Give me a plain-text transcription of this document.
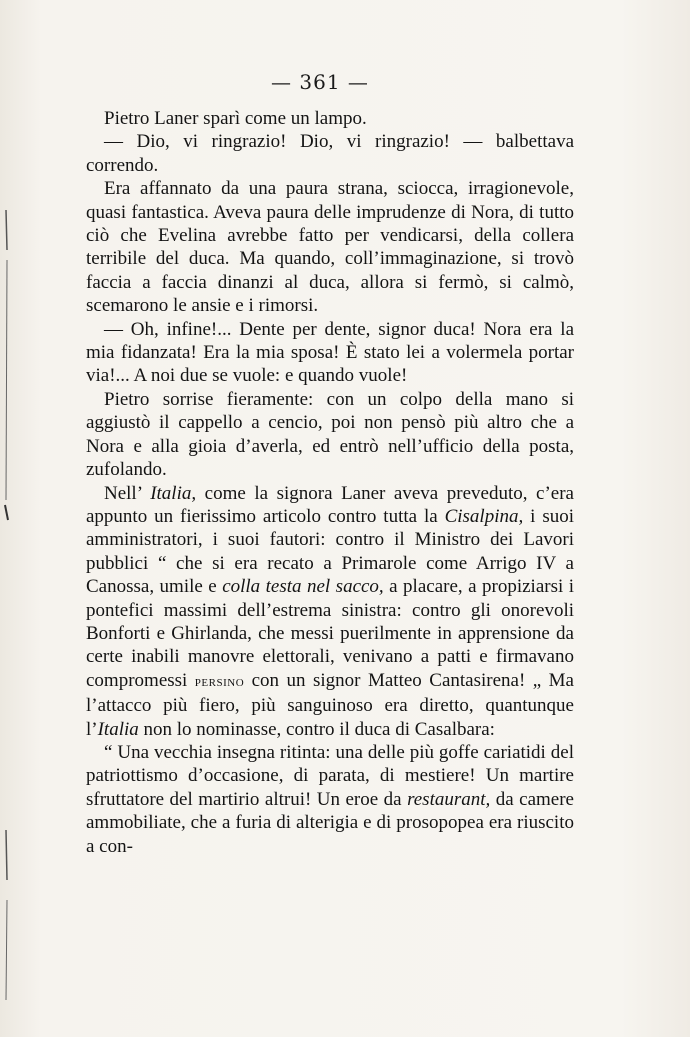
— 361 —

Pietro Laner sparì come un lampo.

— Dio, vi ringrazio! Dio, vi ringrazio! — balbettava correndo.

Era affannato da una paura strana, sciocca, irragionevole, quasi fantastica. Aveva paura delle imprudenze di Nora, di tutto ciò che Evelina avrebbe fatto per vendicarsi, della collera terribile del duca. Ma quando, coll’immaginazione, si trovò faccia a faccia dinanzi al duca, allora si fermò, si calmò, scemarono le ansie e i rimorsi.

— Oh, infine!... Dente per dente, signor duca! Nora era la mia fidanzata! Era la mia sposa! È stato lei a volermela portar via!... A noi due se vuole: e quando vuole!

Pietro sorrise fieramente: con un colpo della mano si aggiustò il cappello a cencio, poi non pensò più altro che a Nora e alla gioia d’averla, ed entrò nell’ufficio della posta, zufolando.

Nell’ Italia, come la signora Laner aveva preveduto, c’era appunto un fierissimo articolo contro tutta la Cisalpina, i suoi amministratori, i suoi fautori: contro il Ministro dei Lavori pubblici “ che si era recato a Primarole come Arrigo IV a Canossa, umile e colla testa nel sacco, a placare, a propiziarsi i pontefici massimi dell’estrema sinistra: contro gli onorevoli Bonforti e Ghirlanda, che messi puerilmente in apprensione da certe inabili manovre elettorali, venivano a patti e firmavano compromessi persino con un signor Matteo Cantasirena! „ Ma l’attacco più fiero, più sanguinoso era diretto, quantunque l’Italia non lo nominasse, contro il duca di Casalbara:

“ Una vecchia insegna ritinta: una delle più goffe cariatidi del patriottismo d’occasione, di parata, di mestiere! Un martire sfruttatore del martirio altrui! Un eroe da restaurant, da camere ammobiliate, che a furia di alterigia e di prosopopea era riuscito a con-
